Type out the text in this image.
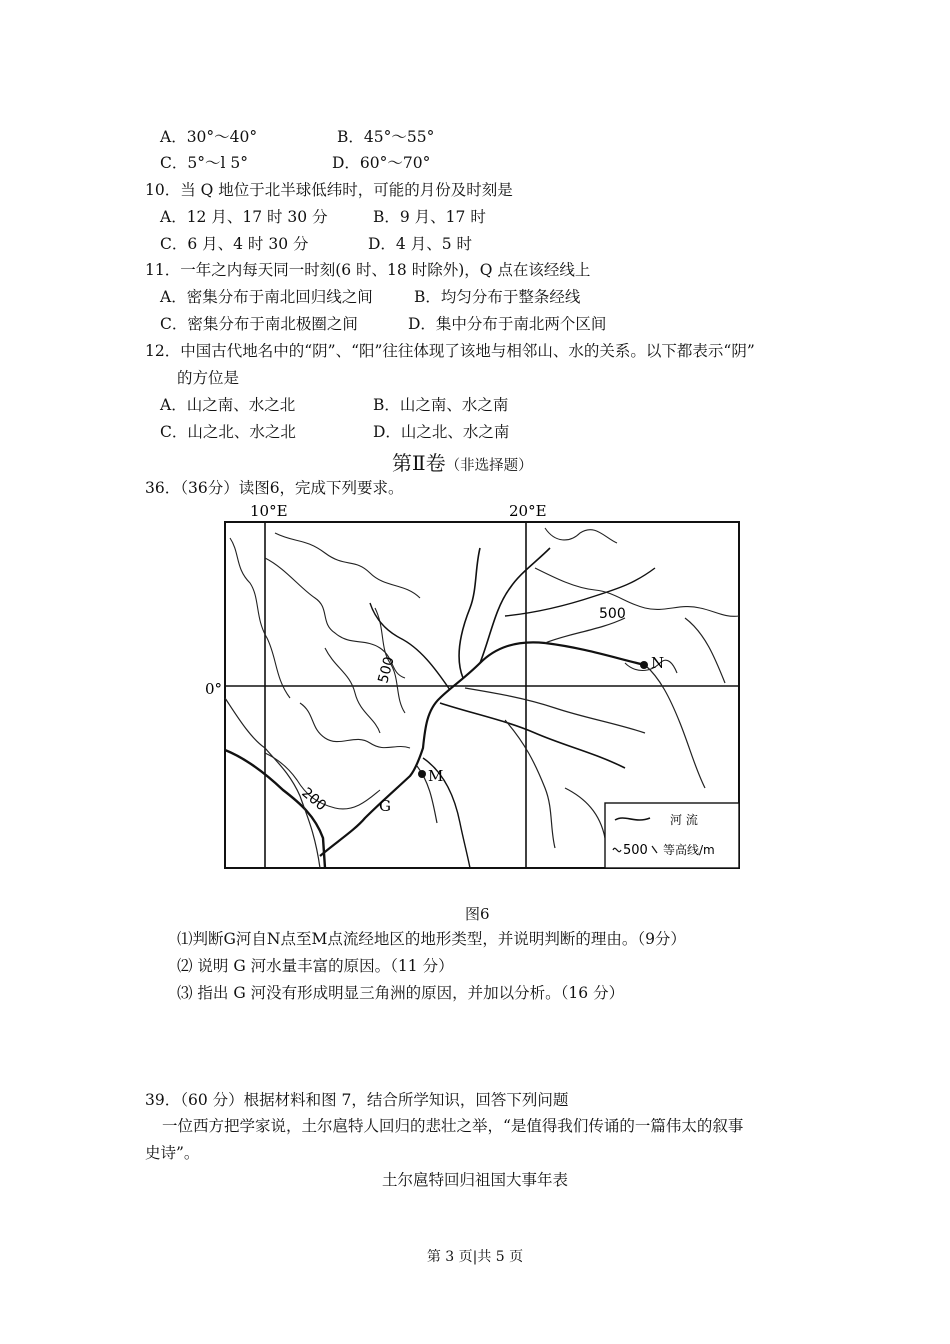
A．30°～40°	B．45°～55°
C．5°～l 5°	D．60°～70°
10．当 Q 地位于北半球低纬时，可能的月份及时刻是
A．12 月、17 时 30 分	B．9 月、17 时
C．6 月、4 时 30 分	D．4 月、5 时
11．一年之内每天同一时刻(6 时、18 时除外)，Q 点在该经线上
A．密集分布于南北回归线之间	B．均匀分布于整条经线
C．密集分布于南北极圈之间	D．集中分布于南北两个区间
12．中国古代地名中的“阴”、“阳”往往体现了该地与相邻山、水的关系。以下都表示“阴”
的方位是
A．山之南、水之北	B．山之南、水之南
C．山之北、水之北	D．山之北、水之南
第Ⅱ卷（非选择题）
36．（36分）读图6，完成下列要求。
10°E	20°E
0°
500
500
200
N
M
G
河 流
500 等高线/m
图6
⑴判断G河自N点至M点流经地区的地形类型，并说明判断的理由。（9分）
⑵ 说明 G 河水量丰富的原因。（11 分）
⑶ 指出 G 河没有形成明显三角洲的原因，并加以分析。（16 分）
39．（60 分）根据材料和图 7，结合所学知识，回答下列问题
一位西方把学家说，土尔扈特人回归的悲壮之举，“是值得我们传诵的一篇伟太的叙事
史诗”。
土尔扈特回归祖国大事年表
第 3 页|共 5 页
